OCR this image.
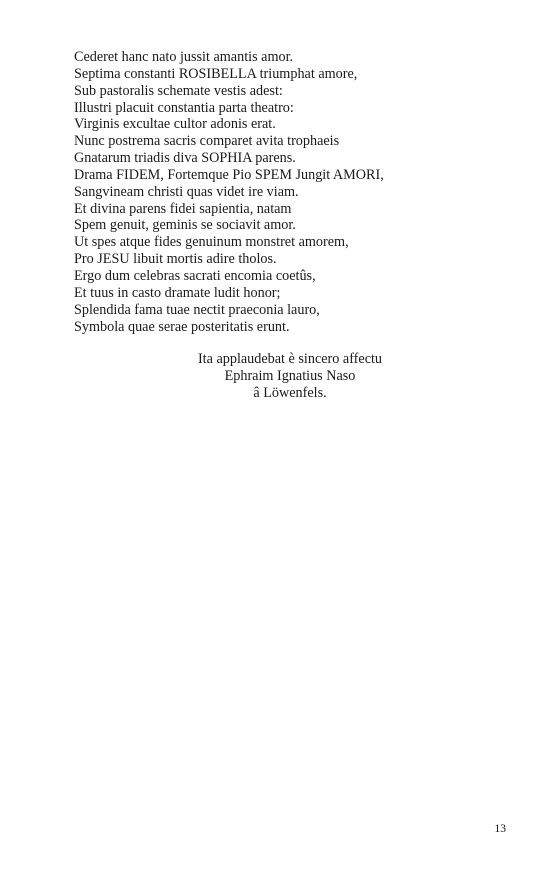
Cederet hanc nato jussit amantis amor.
Septima constanti ROSIBELLA triumphat amore,
Sub pastoralis schemate vestis adest:
Illustri placuit constantia parta theatro:
Virginis excultae cultor adonis erat.
Nunc postrema sacris comparet avita trophaeis
Gnatarum triadis diva SOPHIA parens.
Drama FIDEM, Fortemque Pio SPEM Jungit AMORI,
Sangvineam christi quas videt ire viam.
Et divina parens fidei sapientia, natam
Spem genuit, geminis se sociavit amor.
Ut spes atque fides genuinum monstret amorem,
Pro JESU libuit mortis adire tholos.
Ergo dum celebras sacrati encomia coetûs,
Et tuus in casto dramate ludit honor;
Splendida fama tuae nectit praeconia lauro,
Symbola quae serae posteritatis erunt.
Ita applaudebat è sincero affectu
Ephraim Ignatius Naso
â Löwenfels.
13
